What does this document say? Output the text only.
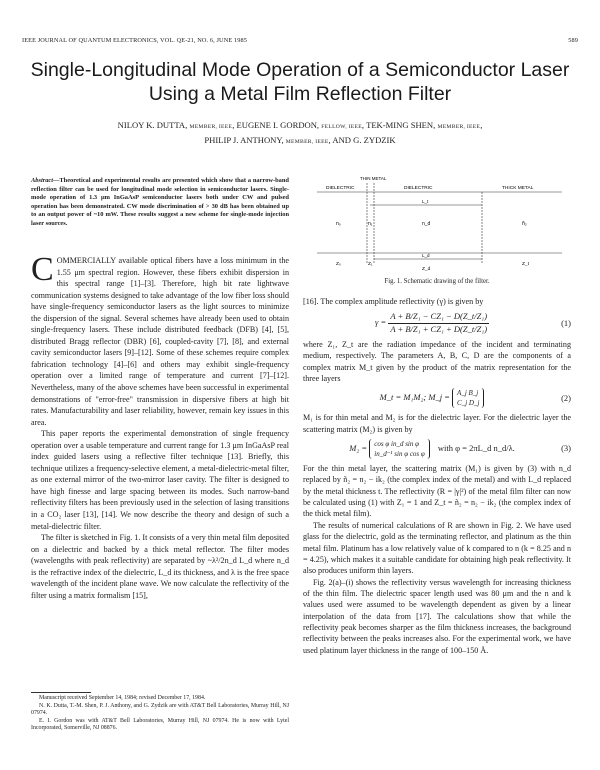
IEEE JOURNAL OF QUANTUM ELECTRONICS, VOL. QE-21, NO. 6, JUNE 1985	589
Single-Longitudinal Mode Operation of a Semiconductor Laser Using a Metal Film Reflection Filter
NILOY K. DUTTA, MEMBER, IEEE, EUGENE I. GORDON, FELLOW, IEEE, TEK-MING SHEN, MEMBER, IEEE,
PHILIP J. ANTHONY, MEMBER, IEEE, AND G. ZYDZIK
Abstract—Theoretical and experimental results are presented which show that a narrow-band reflection filter can be used for longitudinal mode selection in semiconductor lasers. Single-mode operation of 1.3 μm InGaAsP semiconductor lasers both under CW and pulsed operation has been demonstrated. CW mode discrimination of > 30 dB has been obtained up to an output power of ~10 mW. These results suggest a new scheme for single-mode injection laser sources.

COMMERCIALLY available optical fibers have a loss minimum in the 1.55 μm spectral region. However, these fibers exhibit dispersion in this spectral range [1]–[3]. Therefore, high bit rate lightwave communication systems designed to take advantage of the low fiber loss should have single-frequency semiconductor lasers as the light sources to minimize the dispersion of the signal. Several schemes have already been used to obtain single-frequency lasers. These include distributed feedback (DFB) [4], [5], distributed Bragg reflector (DBR) [6], coupled-cavity [7], [8], and external cavity semiconductor lasers [9]–[12]. Some of these schemes require complex fabrication technology [4]–[6] and others may exhibit single-frequency operation over a limited range of temperature and current [7]–[12]. Nevertheless, many of the above schemes have been successful in experimental demonstrations of "error-free" transmission in dispersive fibers at high bit rates. Manufacturability and laser reliability, however, remain key issues in this area.

This paper reports the experimental demonstration of single frequency operation over a usable temperature and current range for 1.3 μm InGaAsP real index guided lasers using a reflective filter technique [13]. Briefly, this technique utilizes a frequency-selective element, a metal-dielectric-metal filter, as one external mirror of the two-mirror laser cavity. The filter is designed to have high finesse and large spacing between its modes. Such narrow-band reflectivity filters has been previously used in the selection of lasing transitions in a CO₂ laser [13], [14]. We now describe the theory and design of such a metal-dielectric filter.

The filter is sketched in Fig. 1. It consists of a very thin metal film deposited on a dielectric and backed by a thick metal reflector. The filter modes (wavelengths with peak reflectivity) are separated by ~λ²/2n_d L_d where n_d is the refractive index of the dielectric, L_d its thickness, and λ is the free space wavelength of the incident plane wave. We now calculate the reflectivity of the filter using a matrix formalism [15],

Manuscript received September 14, 1984; revised December 17, 1984.

N. K. Dutta, T.-M. Shen, P. J. Anthony, and G. Zydzik are with AT&T Bell Laboratories, Murray Hill, NJ 07974.

E. I. Gordon was with AT&T Bell Laboratories, Murray Hill, NJ 07974. He is now with Lytel Incorporated, Somerville, NJ 08876.

THIN METAL
DIELECTRIC	DIELECTRIC	THICK METAL
L_t
n₀	n₁	n_d	ñ₂
L_d
Z₀	Z₁
Z_d
Z_t
Fig. 1. Schematic drawing of the filter.

[16]. The complex amplitude reflectivity (γ) is given by

$\gamma = \frac{\text{A + B/Z₁ − CZ₁ − D(Z\_t/Z₁)}}{\text{A + B/Z₁ + CZ₁ + D(Z\_t/Z₁)}}$	(1)

where Z₁, Z_t are the radiation impedance of the incident and terminating medium, respectively. The parameters A, B, C, D are the components of a complex matrix M_t given by the product of the matrix representation for the three layers

M_t = M₁M₂; M_j = A_j B_j
C_j D_j
(2)

M₁ is for thin metal and M₂ is for the dielectric layer. For the dielectric layer the scattering matrix (M₂) is given by

M₂ = cos φ in_d sin φ
in_d⁻¹ sin φ cos φ
with φ = 2πL_d n_d/λ.	(3)

For the thin metal layer, the scattering matrix (M₁) is given by (3) with n_d replaced by ñ₂ = n₂ − ik₂ (the complex index of the metal) and with L_d replaced by the metal thickness t. The reflectivity (R = |γ|²) of the metal film filter can now be calculated using (1) with Z₁ = 1 and Z_t = ñ₂ = n₂ − ik₂ (the complex index of the thick metal film).

The results of numerical calculations of R are shown in Fig. 2. We have used glass for the dielectric, gold as the terminating reflector, and platinum as the thin metal film. Platinum has a low relatively value of k compared to n (k = 8.25 and n = 4.25), which makes it a suitable candidate for obtaining high peak reflectivity. It also produces uniform thin layers.

Fig. 2(a)–(i) shows the reflectivity versus wavelength for increasing thickness of the thin film. The dielectric spacer length used was 80 μm and the n and k values used were assumed to be wavelength dependent as given by a linear interpolation of the data from [17]. The calculations show that while the reflectivity peak becomes sharper as the film thickness increases, the background reflectivity between the peaks increases also. For the experimental work, we have used platinum layer thickness in the range of 100–150 Å.
